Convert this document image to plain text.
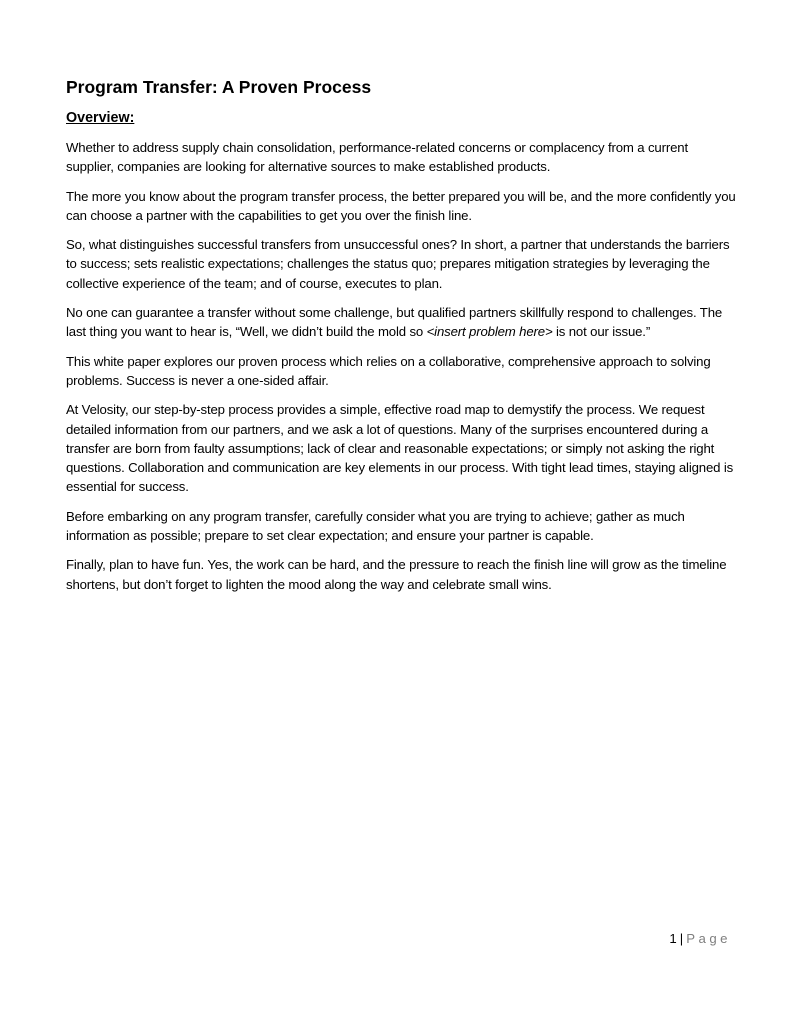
Program Transfer: A Proven Process
Overview:

Whether to address supply chain consolidation, performance-related concerns or complacency from a current supplier, companies are looking for alternative sources to make established products.

The more you know about the program transfer process, the better prepared you will be, and the more confidently you can choose a partner with the capabilities to get you over the finish line.

So, what distinguishes successful transfers from unsuccessful ones? In short, a partner that understands the barriers to success; sets realistic expectations; challenges the status quo; prepares mitigation strategies by leveraging the collective experience of the team; and of course, executes to plan.

No one can guarantee a transfer without some challenge, but qualified partners skillfully respond to challenges. The last thing you want to hear is, “Well, we didn’t build the mold so <insert problem here> is not our issue.”

This white paper explores our proven process which relies on a collaborative, comprehensive approach to solving problems. Success is never a one-sided affair.

At Velosity, our step-by-step process provides a simple, effective road map to demystify the process. We request detailed information from our partners, and we ask a lot of questions. Many of the surprises encountered during a transfer are born from faulty assumptions; lack of clear and reasonable expectations; or simply not asking the right questions. Collaboration and communication are key elements in our process. With tight lead times, staying aligned is essential for success.

Before embarking on any program transfer, carefully consider what you are trying to achieve; gather as much information as possible; prepare to set clear expectation; and ensure your partner is capable.

Finally, plan to have fun. Yes, the work can be hard, and the pressure to reach the finish line will grow as the timeline shortens, but don’t forget to lighten the mood along the way and celebrate small wins.

1 | Page
